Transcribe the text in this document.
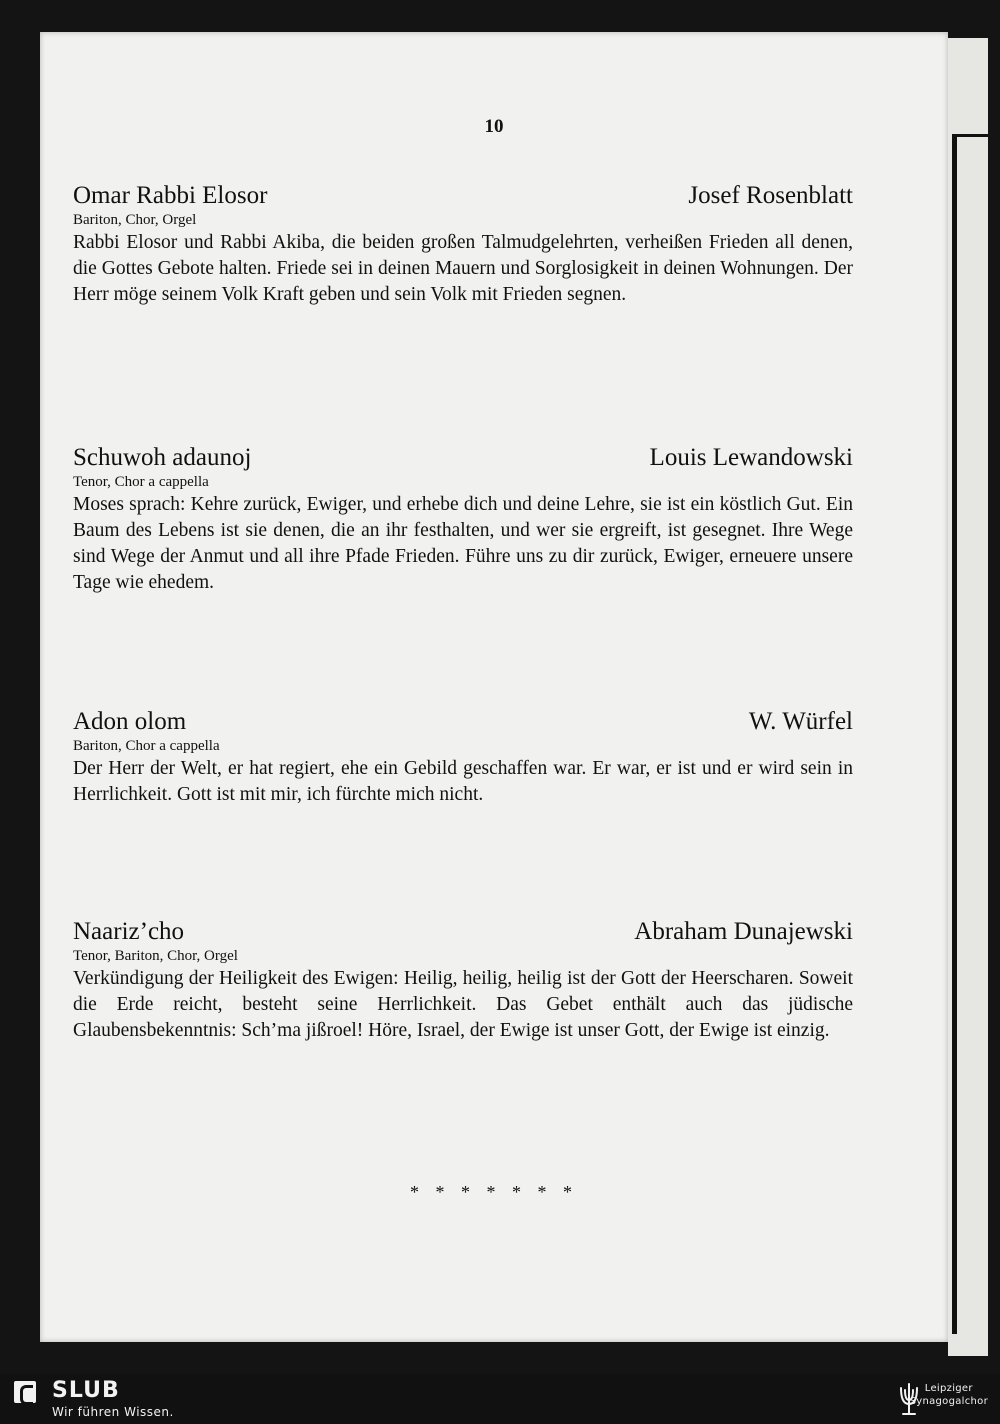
10
Omar Rabbi Elosor	Josef Rosenblatt
Bariton, Chor, Orgel
Rabbi Elosor und Rabbi Akiba, die beiden großen Talmudgelehrten, verheißen Frieden all denen, die Gottes Gebote halten. Friede sei in deinen Mauern und Sorglosigkeit in deinen Wohnungen. Der Herr möge seinem Volk Kraft geben und sein Volk mit Frieden segnen.
Schuwoh adaunoj	Louis Lewandowski
Tenor, Chor a cappella
Moses sprach: Kehre zurück, Ewiger, und erhebe dich und deine Lehre, sie ist ein köstlich Gut. Ein Baum des Lebens ist sie denen, die an ihr festhalten, und wer sie ergreift, ist gesegnet. Ihre Wege sind Wege der Anmut und all ihre Pfade Frieden. Führe uns zu dir zurück, Ewiger, erneuere unsere Tage wie ehedem.
Adon olom	W. Würfel
Bariton, Chor a cappella
Der Herr der Welt, er hat regiert, ehe ein Gebild geschaffen war. Er war, er ist und er wird sein in Herrlichkeit. Gott ist mit mir, ich fürchte mich nicht.
Naariz’cho	Abraham Dunajewski
Tenor, Bariton, Chor, Orgel
Verkündigung der Heiligkeit des Ewigen: Heilig, heilig, heilig ist der Gott der Heerscharen. Soweit die Erde reicht, besteht seine Herrlichkeit. Das Gebet enthält auch das jüdische Glaubensbekenntnis: Sch’ma jißroel! Höre, Israel, der Ewige ist unser Gott, der Ewige ist einzig.
* * * * * * *
SLUB
Wir führen Wissen.
Leipziger
Synagogalchor
